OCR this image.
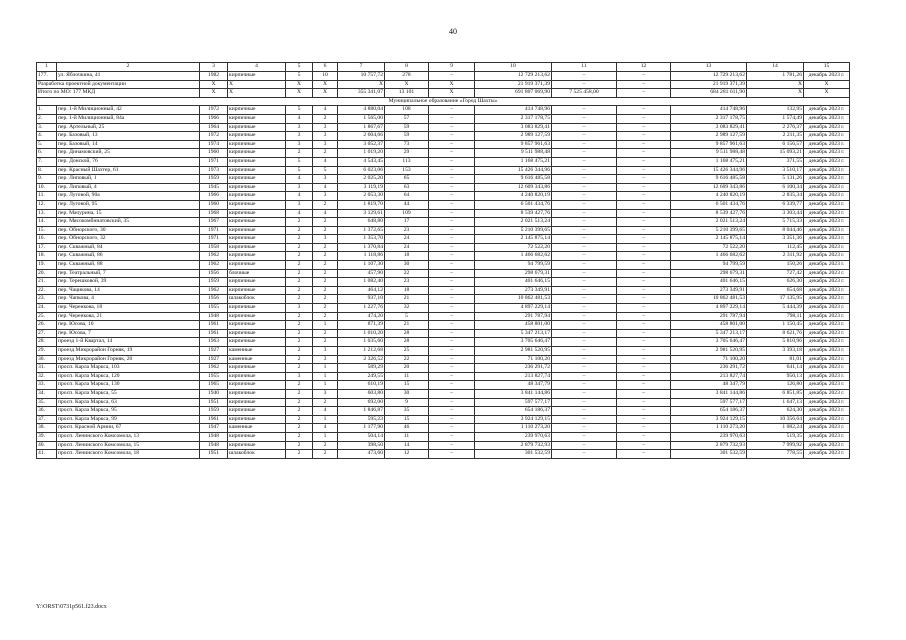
40
1	2	3	4	5	6	7	8	9	10	11	12	13	14	15
177.	ул. Яблочкина, 41	1982	кирпичные	5	10	10 757,72	278	–	12 729 213,62	–	–	12 729 213,62	1 781,26	декабрь 2023 г.
Разработка проектной документации		X	X	X	X	X	X	X	21 919 371,39	–	–	21 919 371,39	X	X
Итого по МО: 177 МКД		X	X	X	X	355 341,07	13 101	X	691 807 069,90	7 525 458,00	–	684 281 611,90	X	X
Муниципальное образование «Город Шахты»														
1.	пер. 1-й Милиционный, 42	1972	кирпичные	5	4	4 880,04	108	–	414 748,96	–	–	414 748,96	132,95	декабрь 2023 г.
2.	пер. 1-й Милиционный, 84а	1966	кирпичные	4	2	1 565,00	57	–	2 317 178,75	–	–	2 317 178,75	1 574,49	декабрь 2023 г.
3.	пер. Артельный, 25	1964	кирпичные	3	3	1 867,67	59	–	3 083 829,41	–	–	3 083 829,41	2 276,37	декабрь 2023 г.
4.	пер. Базовый, 13	1972	кирпичные	3	3	2 604,66	59	–	2 989 127,59	–	–	2 989 127,59	2 211,35	декабрь 2023 г.
5.	пер. Базовый, 14	1974	кирпичные	3	3	3 052,37	73	–	9 857 961,63	–	–	9 857 961,63	6 156,57	декабрь 2023 г.
6.	пер. Динамовский, 25	1960	кирпичные	2	2	1 019,20	29	–	9 511 988,48	–	–	9 511 988,48	15 093,21	декабрь 2023 г.
7.	пер. Донской, 76	1971	кирпичные	5	4	4 543,45	113	–	1 168 475,21	–	–	1 168 475,21	371,55	декабрь 2023 г.
8.	пер. Красный Шахтер, 61	1973	кирпичные	5	5	6 023,06	153	–	15 426 344,96	–	–	15 426 344,96	3 510,17	декабрь 2023 г.
9.	пер. Липовый, 1	1959	кирпичные	4	3	2 025,20	65	–	9 616 485,58	–	–	9 616 485,58	5 131,26	декабрь 2023 г.
10.	пер. Липовый, 4	1945	кирпичные	3	4	3 119,19	63	–	12 609 343,86	–	–	12 609 343,86	6 100,34	декабрь 2023 г.
11.	пер. Луговой, 90а	1966	кирпичные	4	3	2 053,30	64	–	4 240 820,19	–	–	4 240 820,19	2 835,34	декабрь 2023 г.
12.	пер. Луговой, 95	1960	кирпичные	3	2	1 819,70	44	–	6 501 434,76	–	–	6 501 434,76	6 339,77	декабрь 2023 г.
13.	пер. Мачурина, 15	1968	кирпичные	4	4	3 129,61	109	–	8 539 427,76	–	–	8 539 427,76	3 303,44	декабрь 2023 г.
14.	пер. Мясокомбинатовский, 35	1967	кирпичные	2	2	648,80	17	–	2 021 513,24	–	–	2 021 513,24	5 715,33	декабрь 2023 г.
15.	пер. Обнорского, 30	1971	кирпичные	2	2	1 372,65	23	–	5 210 399,65	–	–	5 210 399,65	8 044,46	декабрь 2023 г.
16.	пер. Обнорского, 32	1971	кирпичные	2	3	1 353,70	24	–	2 145 875,14	–	–	2 145 875,14	3 351,36	декабрь 2023 г.
17.	пер. Скважный, 84	1958	кирпичные	2	2	1 370,84	24	–	72 522,20	–	–	72 522,20	112,45	декабрь 2023 г.
18.	пер. Скважный, 86	1962	кирпичные	2	2	1 118,86	18	–	1 466 682,62	–	–	1 466 682,62	2 311,92	декабрь 2023 г.
19.	пер. Скважный, 88	1962	кирпичные	2	2	1 107,30	30	–	94 799,59	–	–	94 799,59	150,26	декабрь 2023 г.
20.	пер. Театральный, 7	1956	блочные	2	2	457,90	22	–	298 679,31	–	–	298 679,31	727,42	декабрь 2023 г.
21.	пер. Терешковой, 39	1959	кирпичные	2	2	1 082,40	23	–	401 646,15	–	–	401 646,15	626,30	декабрь 2023 г.
22.	пер. Чацикова, 14	1962	кирпичные	2	2	464,12	18	–	273 349,91	–	–	273 349,91	654,68	декабрь 2023 г.
23.	пер. Чапкова, 4	1956	шлакоблок	2	2	937,10	21	–	10 862 481,53	–	–	10 862 481,53	17 135,95	декабрь 2023 г.
24.	пер. Черенкова, 18	1955	кирпичные	3	2	1 227,76	32	–	4 897 229,14	–	–	4 897 229,14	5 444,39	декабрь 2023 г.
25.	пер. Черенкова, 21	1948	кирпичные	2	2	474,20	5	–	291 787,94	–	–	291 787,94	798,11	декабрь 2023 г.
26.	пер. Юсова, 10	1961	кирпичные	2	1	871,39	21	–	458 801,00	–	–	458 801,00	1 150,45	декабрь 2023 г.
27.	пер. Юсова, 7	1961	кирпичные	2	2	1 010,20	28	–	5 347 213,17	–	–	5 347 213,17	8 621,76	декабрь 2023 г.
28.	проезд 1-й Квартал, 14	1963	кирпичные	2	2	1 035,60	28	–	3 705 646,47	–	–	3 705 646,47	5 810,96	декабрь 2023 г.
29.	проезд Микрорайон Горняк, 19	1927	каменные	2	3	1 212,68	25	–	2 981 520,95	–	–	2 981 520,95	3 393,18	декабрь 2023 г.
30.	проезд Микрорайон Горняк, 20	1927	каменные	2	3	2 326,52	22	–	71 100,20	–	–	71 100,20	81,01	декабрь 2023 г.
31.	просп. Карла Маркса, 103	1962	кирпичные	2	1	589,29	20	–	236 291,72	–	–	236 291,72	641,14	декабрь 2023 г.
32.	просп. Карла Маркса, 120	1955	кирпичные	3	1	249,55	11	–	213 827,74	–	–	213 827,74	950,13	декабрь 2023 г.
33.	просп. Карла Маркса, 130	1965	кирпичные	2	1	610,19	15	–	48 347,79	–	–	48 347,79	126,80	декабрь 2023 г.
34.	просп. Карла Маркса, 55	1940	кирпичные	2	3	603,80	30	–	3 841 144,86	–	–	3 841 144,86	6 851,85	декабрь 2023 г.
35.	просп. Карла Маркса, 63	1951	кирпичные	2	2	692,00	9	–	597 577,17	–	–	597 577,17	1 647,13	декабрь 2023 г.
36.	просп. Карла Маркса, 95	1959	кирпичные	2	4	1 846,87	35	–	654 186,37	–	–	654 186,37	624,30	декабрь 2023 г.
37.	просп. Карла Маркса, 99	1961	кирпичные	2	1	595,23	15	–	3 924 129,15	–	–	3 924 129,15	10 356,64	декабрь 2023 г.
38.	просп. Красной Армии, 67	1947	каменные	2	4	1 177,90	46	–	1 110 273,20	–	–	1 110 273,20	1 082,24	декабрь 2023 г.
39.	просп. Ленинского Комсомола, 13	1948	кирпичные	2	1	504,14	11	–	239 970,63	–	–	239 970,63	519,35	декабрь 2023 г.
40.	просп. Ленинского Комсомола, 15	1948	кирпичные	2	2	398,50	14	–	2 879 732,93	–	–	2 879 732,93	7 999,92	декабрь 2023 г.
41.	просп. Ленинского Комсомола, 18	1951	шлакоблок	2	2	473,60	12	–	301 532,59	–	–	301 532,59	778,55	декабрь 2023 г.
Y:\ORST\0731p561.f23.docx
